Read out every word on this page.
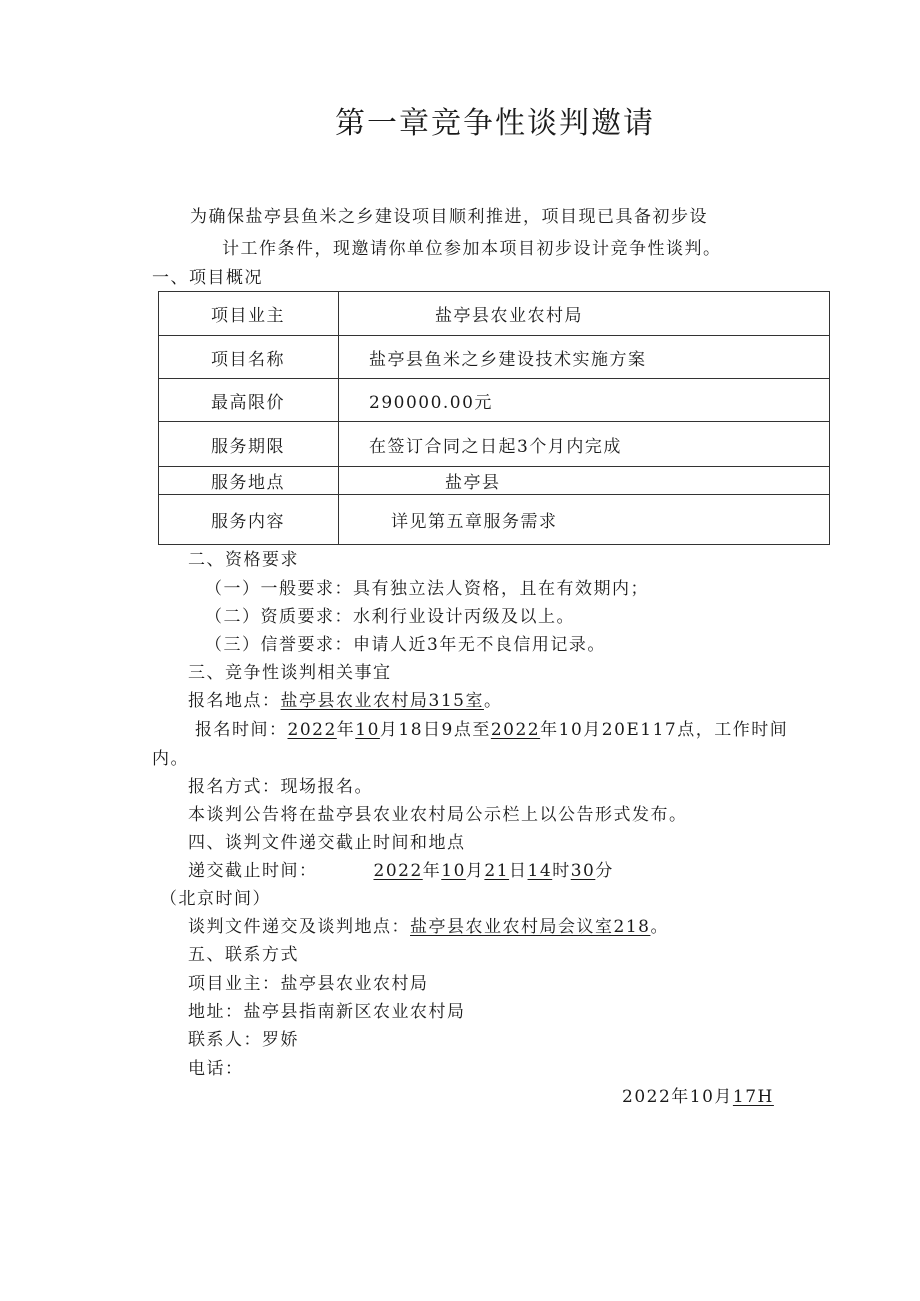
第一章竞争性谈判邀请
为确保盐亭县鱼米之乡建设项目顺利推进，项目现已具备初步设
计工作条件，现邀请你单位参加本项目初步设计竞争性谈判。
一、项目概况
项目业主	盐亭县农业农村局
项目名称	盐亭县鱼米之乡建设技术实施方案
最高限价	290000.00元
服务期限	在签订合同之日起3个月内完成
服务地点	盐亭县
服务内容	详见第五章服务需求
二、资格要求
（一）一般要求：具有独立法人资格，且在有效期内；
（二）资质要求：水利行业设计丙级及以上。
（三）信誉要求：申请人近3年无不良信用记录。
三、竞争性谈判相关事宜
报名地点：盐亭县农业农村局315室。
报名时间：2022年10月18日9点至2022年10月20E117点，工作时间
内。
报名方式：现场报名。
本谈判公告将在盐亭县农业农村局公示栏上以公告形式发布。
四、谈判文件递交截止时间和地点
递交截止时间：	2022年10月21日14时30分
（北京时间）
谈判文件递交及谈判地点：盐亭县农业农村局会议室218。
五、联系方式
项目业主：盐亭县农业农村局
地址：盐亭县指南新区农业农村局
联系人：罗娇
电话：
2022年10月17H
